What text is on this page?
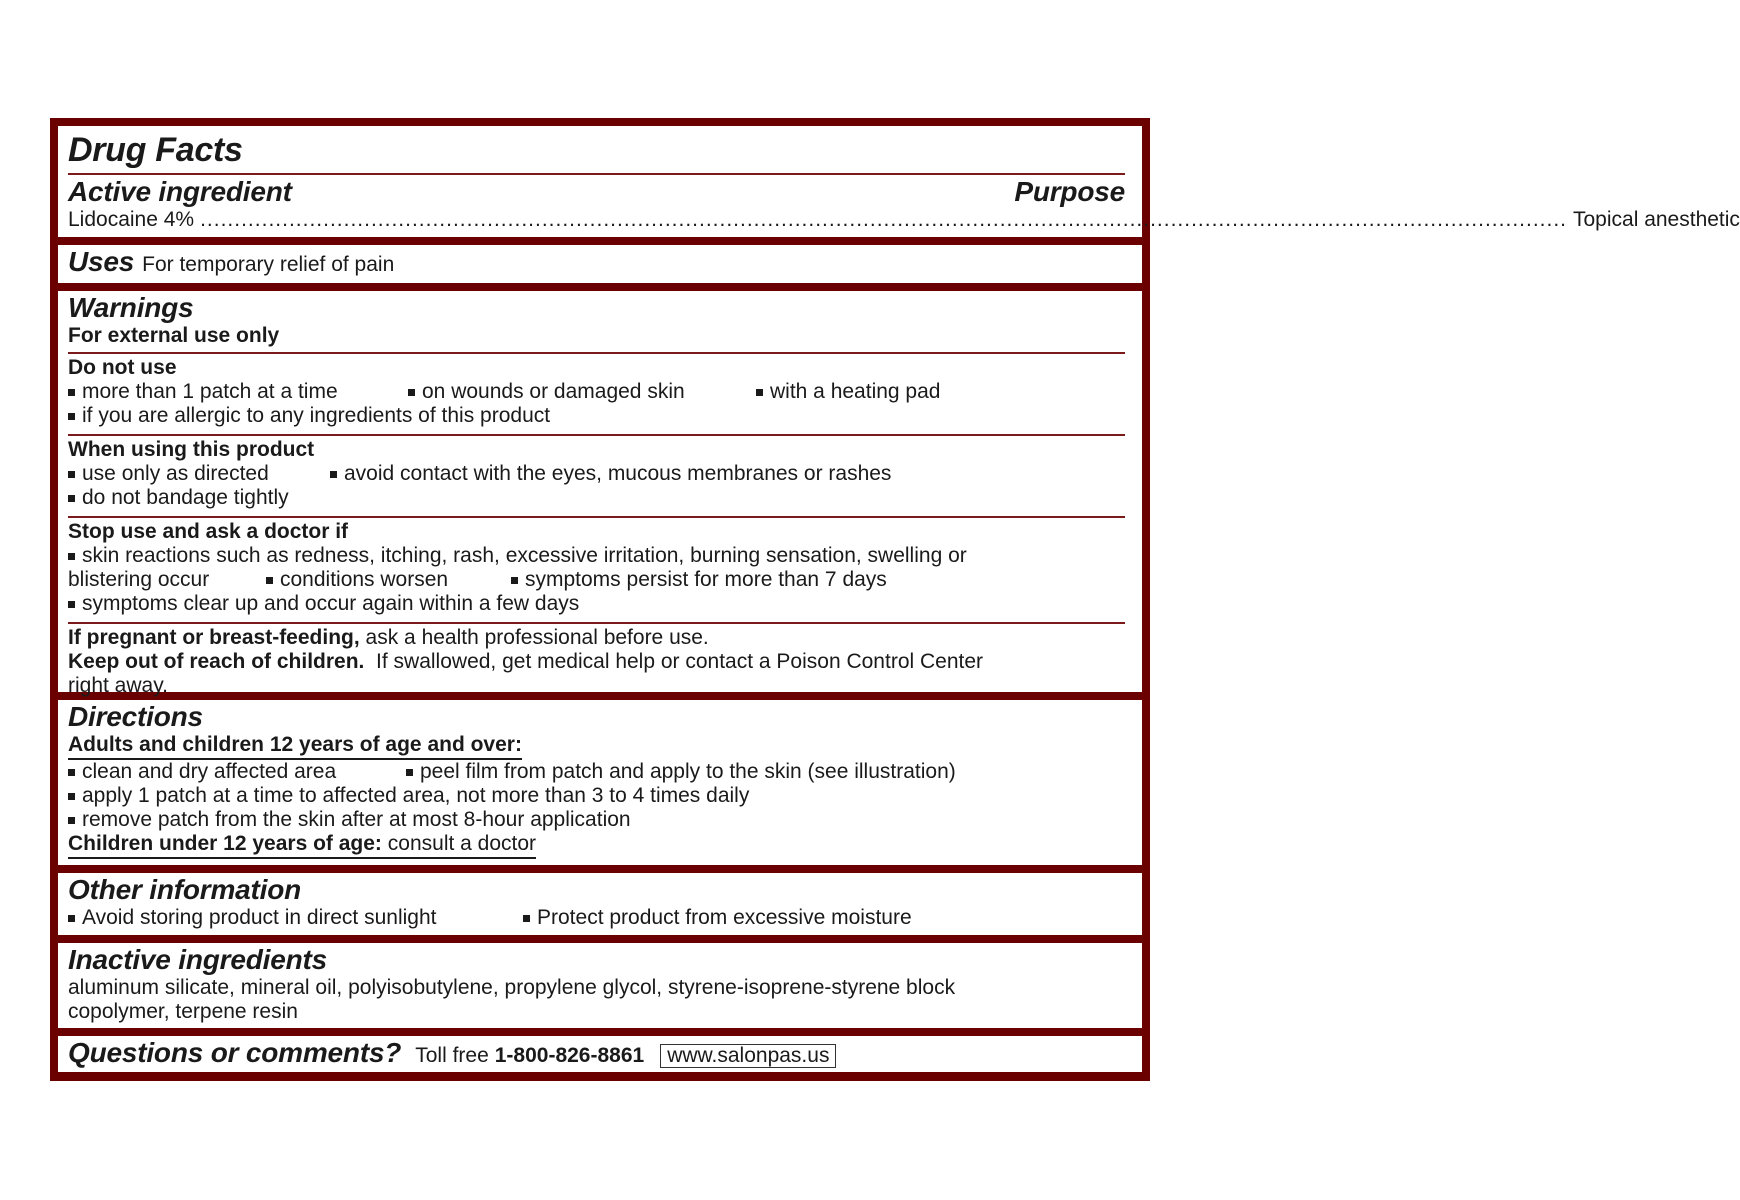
Drug Facts
Active ingredient	Purpose
Lidocaine 4% ........................................................................................................................................................................................................ Topical anesthetic
Uses For temporary relief of pain
Warnings
For external use only
Do not use
more than 1 patch at a time	on wounds or damaged skin	with a heating pad
if you are allergic to any ingredients of this product
When using this product
use only as directed	avoid contact with the eyes, mucous membranes or rashes
do not bandage tightly
Stop use and ask a doctor if
skin reactions such as redness, itching, rash, excessive irritation, burning sensation, swelling or
blistering occur	conditions worsen	symptoms persist for more than 7 days
symptoms clear up and occur again within a few days
If pregnant or breast-feeding, ask a health professional before use.
Keep out of reach of children. If swallowed, get medical help or contact a Poison Control Center
right away.
Directions
Adults and children 12 years of age and over:
clean and dry affected area	peel film from patch and apply to the skin (see illustration)
apply 1 patch at a time to affected area, not more than 3 to 4 times daily
remove patch from the skin after at most 8-hour application
Children under 12 years of age: consult a doctor
Other information
Avoid storing product in direct sunlight	Protect product from excessive moisture
Inactive ingredients
aluminum silicate, mineral oil, polyisobutylene, propylene glycol, styrene-isoprene-styrene block
copolymer, terpene resin
Questions or comments? Toll free 1-800-826-8861	www.salonpas.us
